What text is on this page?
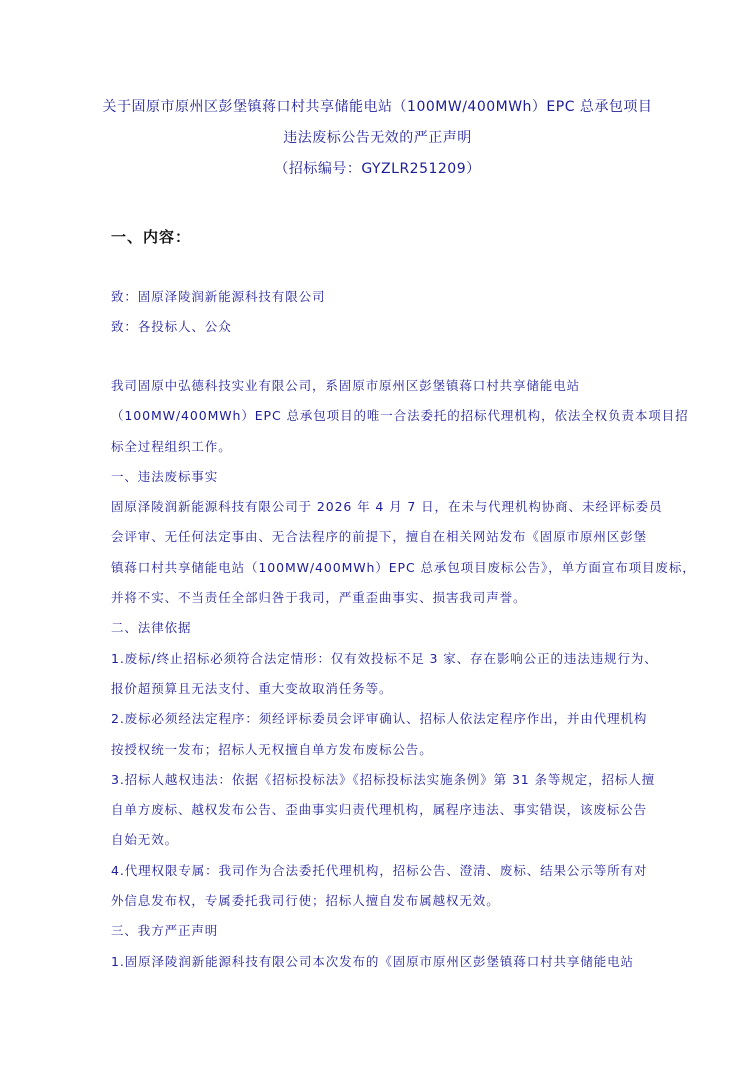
关于固原市原州区彭堡镇蒋口村共享储能电站（100MW/400MWh）EPC 总承包项目
违法废标公告无效的严正声明
（招标编号：GYZLR251209）
一、内容：
致：固原泽陵润新能源科技有限公司
致：各投标人、公众
我司固原中弘德科技实业有限公司，系固原市原州区彭堡镇蒋口村共享储能电站
（100MW/400MWh）EPC 总承包项目的唯一合法委托的招标代理机构，依法全权负责本项目招
标全过程组织工作。
一、违法废标事实
固原泽陵润新能源科技有限公司于 2026 年 4 月 7 日，在未与代理机构协商、未经评标委员
会评审、无任何法定事由、无合法程序的前提下，擅自在相关网站发布《固原市原州区彭堡
镇蒋口村共享储能电站（100MW/400MWh）EPC 总承包项目废标公告》，单方面宣布项目废标，
并将不实、不当责任全部归咎于我司，严重歪曲事实、损害我司声誉。
二、法律依据
1.废标/终止招标必须符合法定情形：仅有效投标不足 3 家、存在影响公正的违法违规行为、
报价超预算且无法支付、重大变故取消任务等。
2.废标必须经法定程序：须经评标委员会评审确认、招标人依法定程序作出，并由代理机构
按授权统一发布；招标人无权擅自单方发布废标公告。
3.招标人越权违法：依据《招标投标法》《招标投标法实施条例》第 31 条等规定，招标人擅
自单方废标、越权发布公告、歪曲事实归责代理机构，属程序违法、事实错误，该废标公告
自始无效。
4.代理权限专属：我司作为合法委托代理机构，招标公告、澄清、废标、结果公示等所有对
外信息发布权，专属委托我司行使；招标人擅自发布属越权无效。
三、我方严正声明
1.固原泽陵润新能源科技有限公司本次发布的《固原市原州区彭堡镇蒋口村共享储能电站
